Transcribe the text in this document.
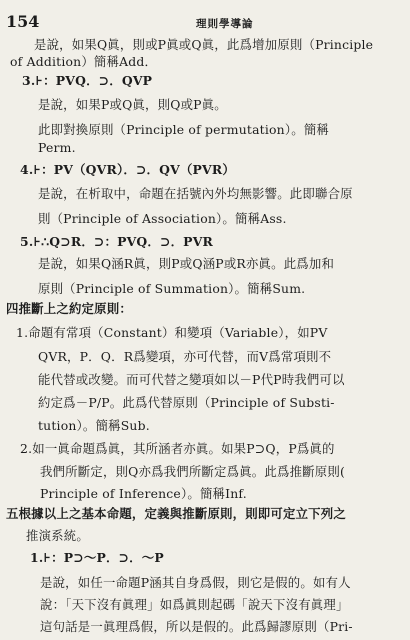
154	理則學導論
是說，如果Q眞，則或P眞或Q眞，此爲增加原則（Principle
of Addition）簡稱Add．
3.⊦：PVQ．⊃．QVP
是說，如果P或Q眞，則Q或P眞。
此即對換原則（Principle of permutation）。簡稱
Perm.
4.⊦：PV（QVR）．⊃．QV（PVR）
是說，在析取中，命題在括號內外均無影響。此即聯合原
則（Principle of Association）。簡稱Ass.
5.⊦∴Q⊃R．⊃：PVQ．⊃．PVR
是說，如果Q涵R眞，則P或Q涵P或R亦眞。此爲加和
原則（Principle of Summation）。簡稱Sum.
四推斷上之約定原則：
1.命題有常項（Constant）和變項（Variable），如PV
QVR，P．Q．R爲變項，亦可代替，而V爲常項則不
能代替或改變。而可代替之變項如以－P代P時我們可以
約定爲－P/P。此爲代替原則（Principle of Substi-
tution）。簡稱Sub.
2.如一眞命題爲眞，其所涵者亦眞。如果P⊃Q，P爲眞的
我們所斷定，則Q亦爲我們所斷定爲眞。此爲推斷原則(
Principle of Inference）。簡稱Inf.
五根據以上之基本命題，定義與推斷原則，則即可定立下列之
推演系統。
1.⊦：P⊃～P．⊃．～P
是說，如任一命題P涵其自身爲假，則它是假的。如有人
說：「天下沒有眞理」如爲眞則起碼「說天下沒有眞理」
這句話是一眞理爲假，所以是假的。此爲歸謬原則（Pri-
